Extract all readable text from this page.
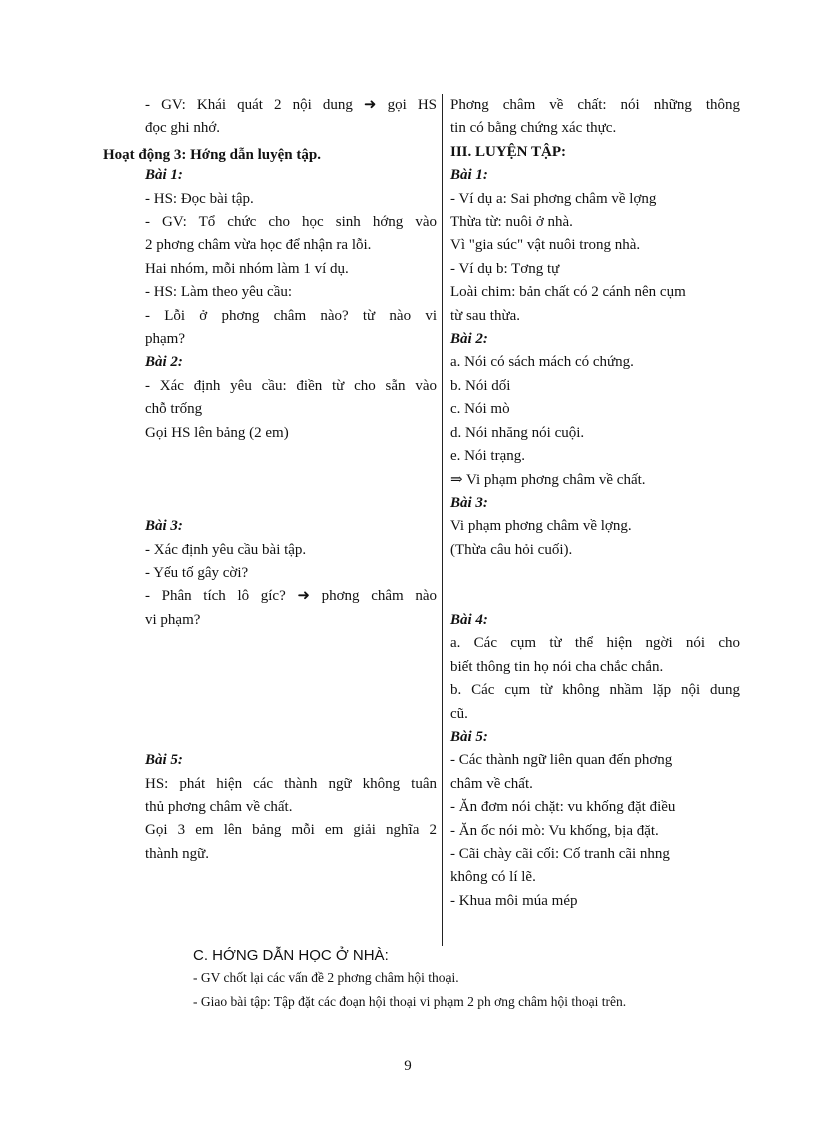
- GV: Khái quát 2 nội dung ➜ gọi HS
đọc ghi nhớ.
Bài 1:
- HS: Đọc bài tập.
- GV: Tổ chức cho học sinh hớng vào
2 phơng châm vừa học để nhận ra lỗi.
Hai nhóm, mỗi nhóm làm 1 ví dụ.
- HS: Làm theo yêu cầu:
- Lỗi ở phơng châm nào? từ nào vi
phạm?
Bài 2:
- Xác định yêu cầu: điền từ cho sẵn vào
chỗ trống
Gọi HS lên bảng (2 em)
Bài 3:
- Xác định yêu cầu bài tập.
- Yếu tố gây cời?
- Phân tích lô gíc? ➜ phơng châm nào
vi phạm?
Bài 5:
HS: phát hiện các thành ngữ không tuân
thủ phơng châm về chất.
Gọi 3 em lên bảng mỗi em giải nghĩa 2
thành ngữ.
Hoạt động 3: Hớng dẫn luyện tập.
Phơng châm về chất: nói những thông
tin có bằng chứng xác thực.
III. LUYỆN TẬP:
Bài 1:
- Ví dụ a: Sai phơng châm về lợng
Thừa từ: nuôi ở nhà.
Vì "gia súc" vật nuôi trong nhà.
- Ví dụ b: Tơng tự
Loài chim: bản chất có 2 cánh nên cụm
từ sau thừa.
Bài 2:
a. Nói có sách mách có chứng.
b. Nói dối
c. Nói mò
d. Nói nhăng nói cuội.
e. Nói trạng.
⇒ Vi phạm phơng châm về chất.
Bài 3:
Vi phạm phơng châm về lợng.
(Thừa câu hỏi cuối).
Bài 4:
a. Các cụm từ thể hiện ngời nói cho
biết thông tin họ nói cha chắc chắn.
b. Các cụm từ không nhầm lặp nội dung
cũ.
Bài 5:
- Các thành ngữ liên quan đến phơng
châm về chất.
- Ăn đơm nói chặt: vu khống đặt điều
- Ăn ốc nói mò: Vu khống, bịa đặt.
- Cãi chày cãi cối: Cố tranh cãi nhng
không có lí lẽ.
- Khua môi múa mép
C. HỚNG DẪN HỌC Ở NHÀ:
- GV chốt lại các vấn đề 2 phơng châm hội thoại.
- Giao bài tập: Tập đặt các đoạn hội thoại vi phạm 2 ph ơng châm hội thoại trên.
9
